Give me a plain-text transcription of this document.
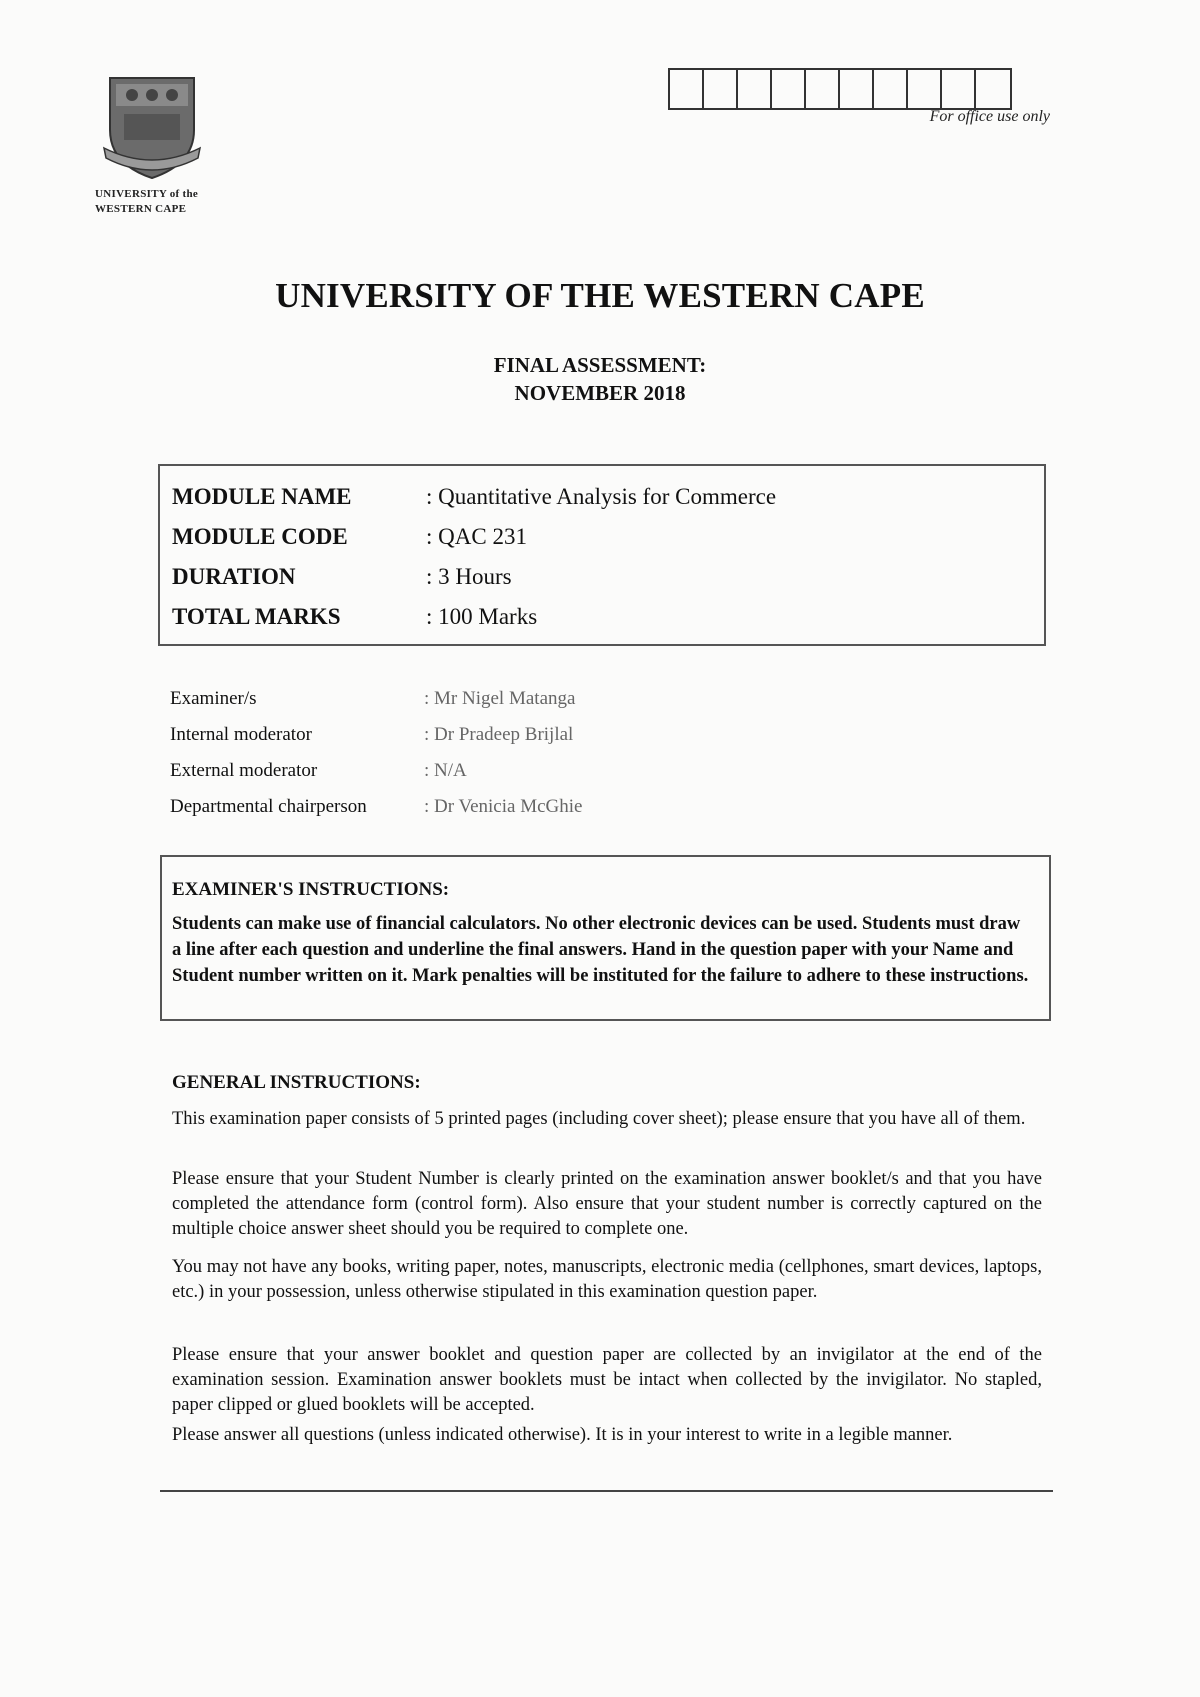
UNIVERSITY of the
WESTERN CAPE
For office use only
UNIVERSITY OF THE WESTERN CAPE
FINAL ASSESSMENT:
NOVEMBER 2018
MODULE NAME	: Quantitative Analysis for Commerce
MODULE CODE	: QAC 231
DURATION	: 3 Hours
TOTAL MARKS	: 100 Marks
Examiner/s	: Mr Nigel Matanga
Internal moderator	: Dr Pradeep Brijlal
External moderator	: N/A
Departmental chairperson	: Dr Venicia McGhie
EXAMINER'S INSTRUCTIONS:
Students can make use of financial calculators. No other electronic devices can be used. Students must draw a line after each question and underline the final answers. Hand in the question paper with your Name and Student number written on it. Mark penalties will be instituted for the failure to adhere to these instructions.
GENERAL INSTRUCTIONS:
This examination paper consists of 5 printed pages (including cover sheet); please ensure that you have all of them.
Please ensure that your Student Number is clearly printed on the examination answer booklet/s and that you have completed the attendance form (control form). Also ensure that your student number is correctly captured on the multiple choice answer sheet should you be required to complete one.
You may not have any books, writing paper, notes, manuscripts, electronic media (cellphones, smart devices, laptops, etc.) in your possession, unless otherwise stipulated in this examination question paper.
Please ensure that your answer booklet and question paper are collected by an invigilator at the end of the examination session. Examination answer booklets must be intact when collected by the invigilator. No stapled, paper clipped or glued booklets will be accepted.
Please answer all questions (unless indicated otherwise). It is in your interest to write in a legible manner.
